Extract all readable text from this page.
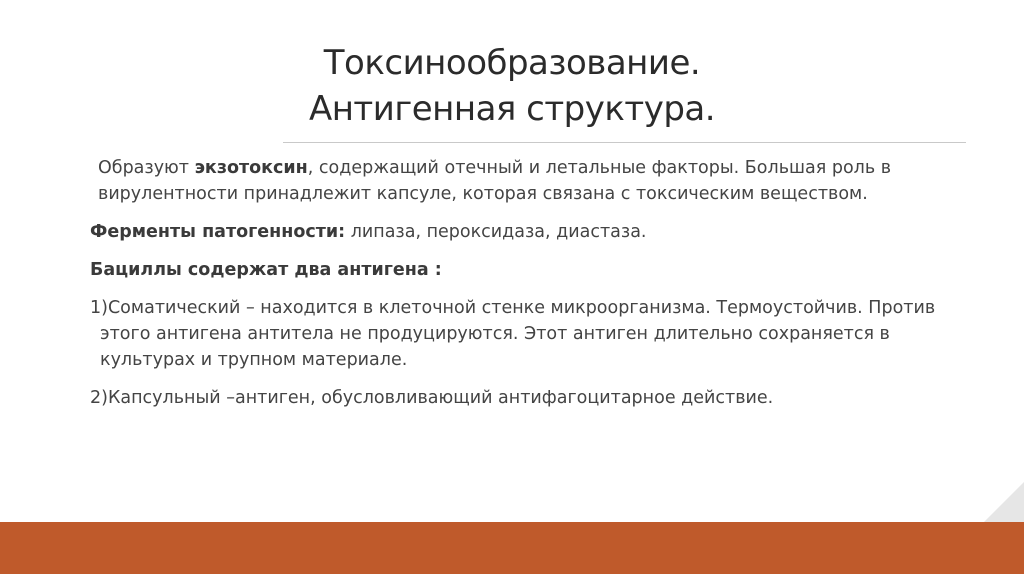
Токсинообразование.
Антигенная структура.

Образуют экзотоксин, содержащий отечный и летальные факторы. Большая роль в вирулентности принадлежит капсуле, которая связана с токсическим веществом.

Ферменты патогенности: липаза, пероксидаза, диастаза.

Бациллы содержат два антигена :

1)Соматический – находится в клеточной стенке микроорганизма. Термоустойчив. Против этого антигена антитела не продуцируются. Этот антиген длительно сохраняется в культурах и трупном материале.

2)Капсульный –антиген, обусловливающий антифагоцитарное действие.
